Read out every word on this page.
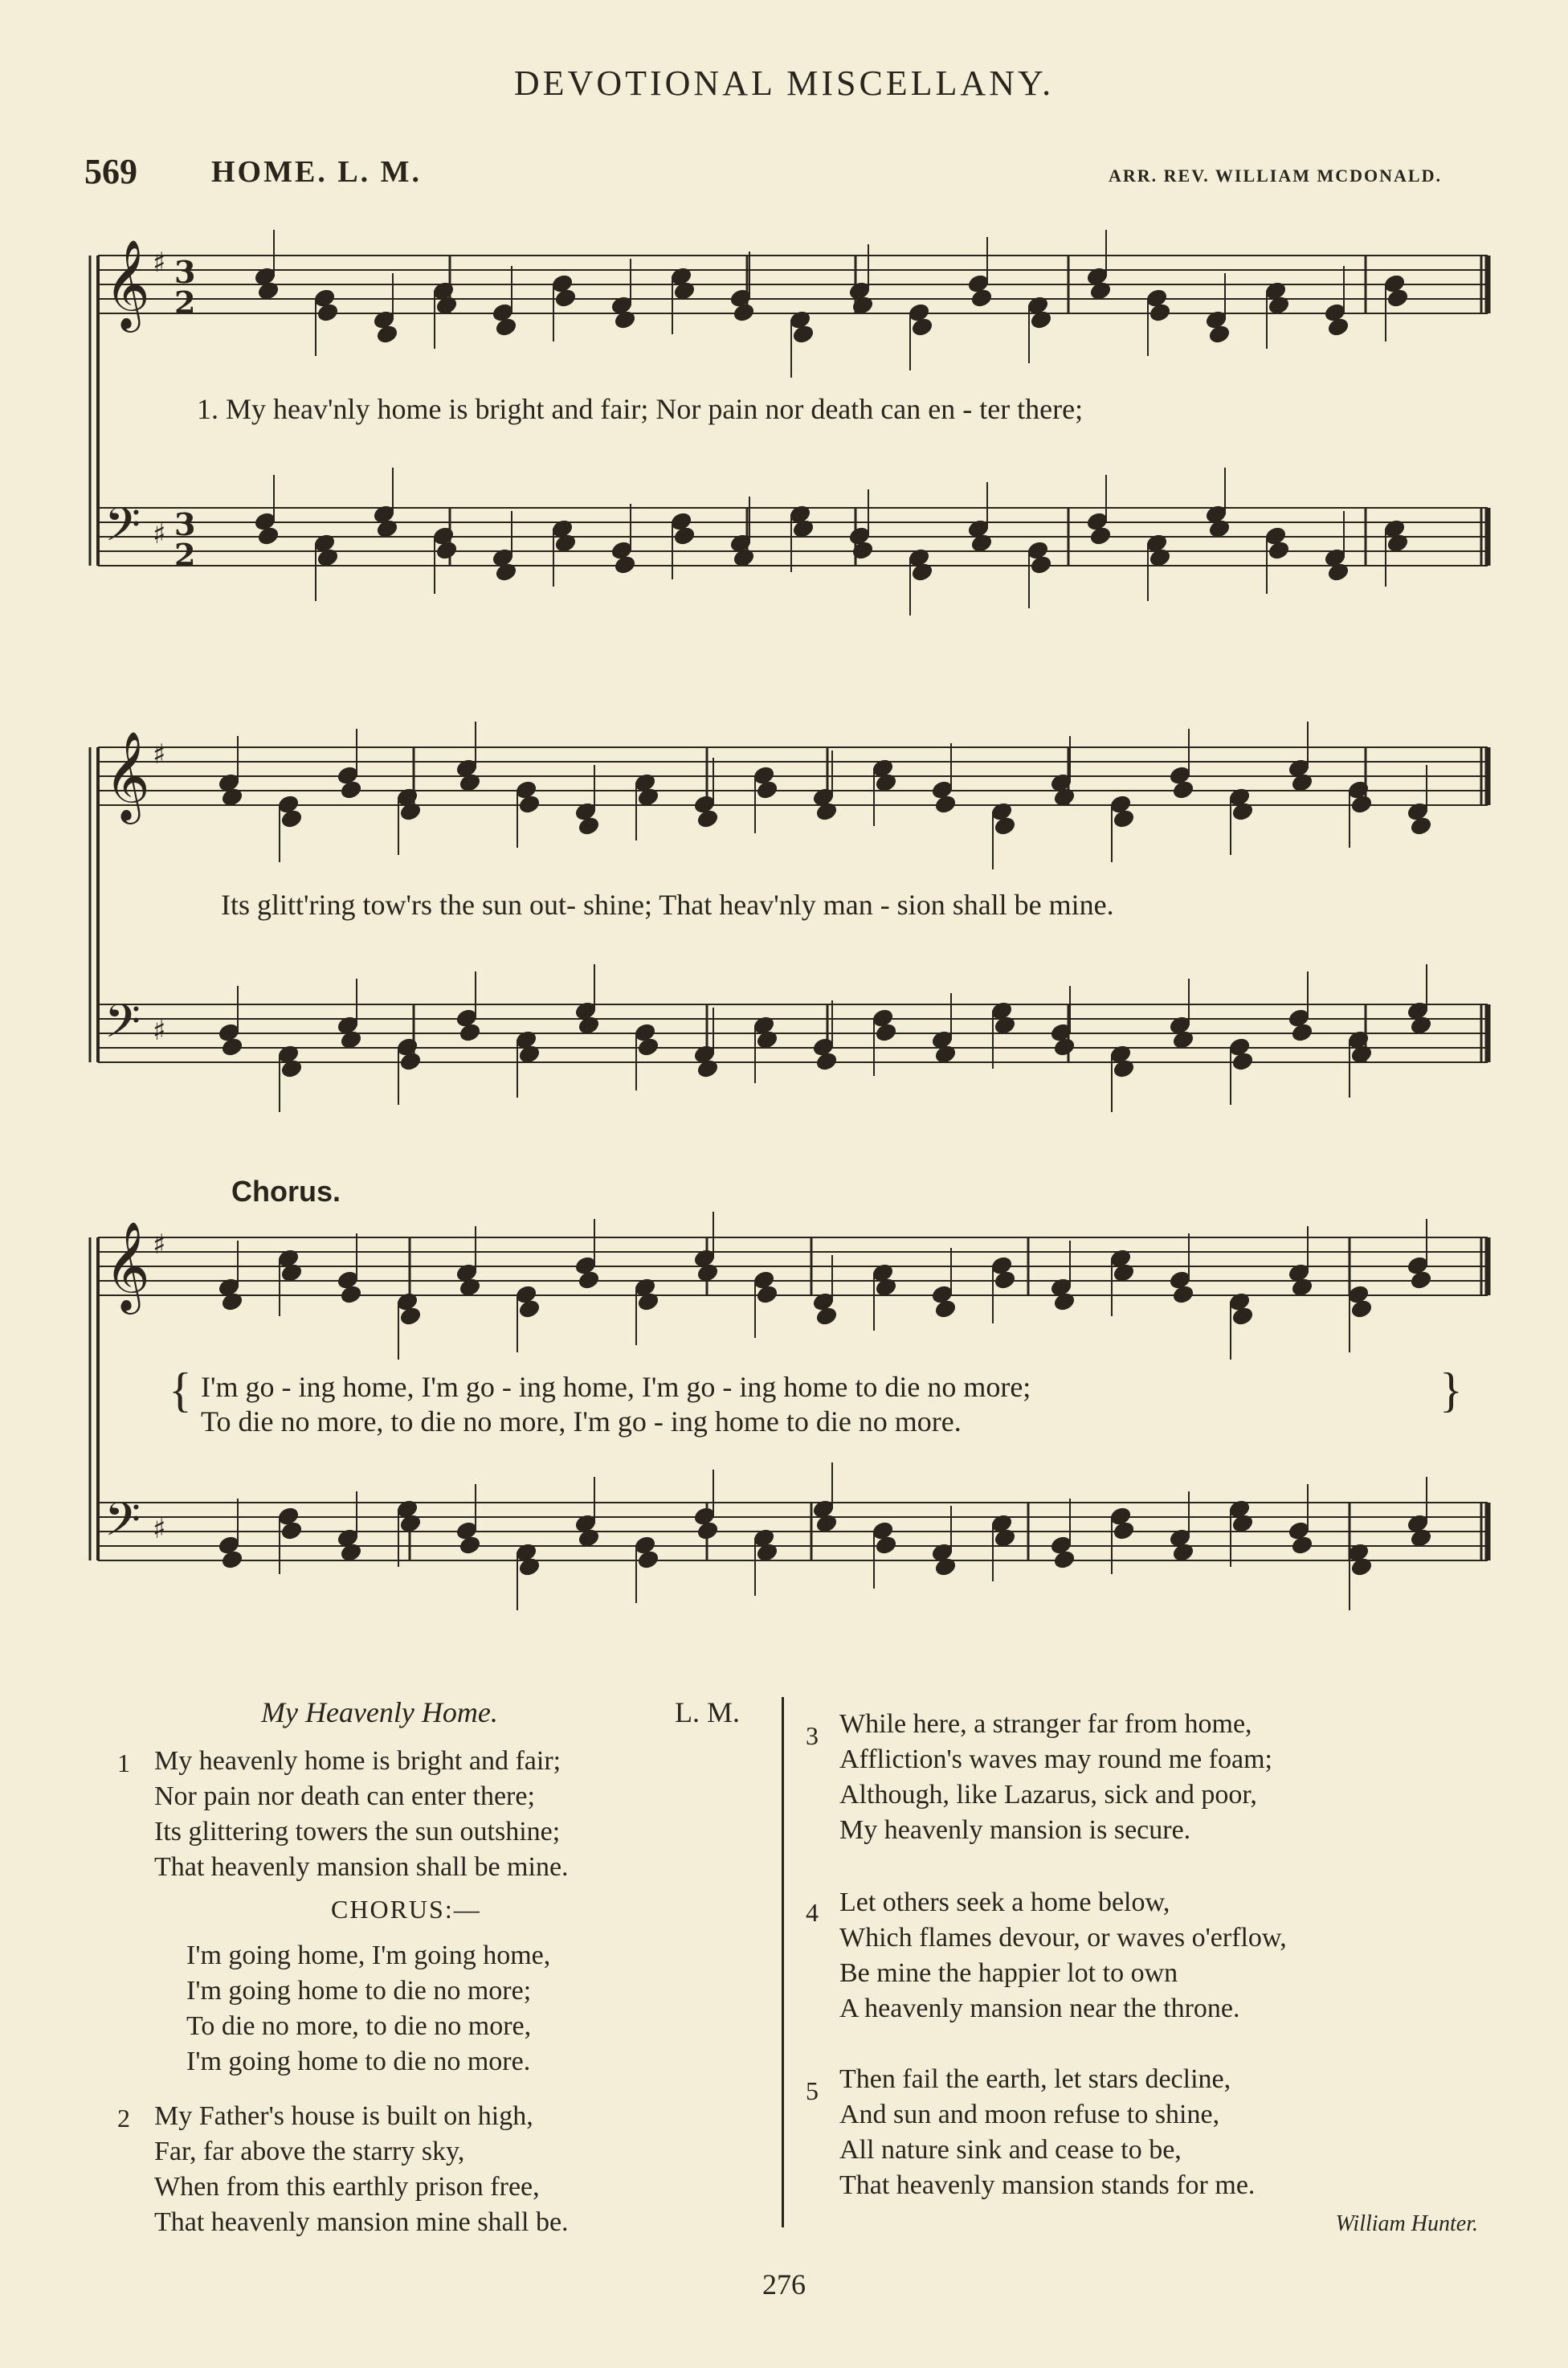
DEVOTIONAL MISCELLANY.
569 HOME. L. M.	ARR. REV. WILLIAM MCDONALD.
𝄞 ♯ 3
2
𝄢 ♯ 3
2
𝄞 ♯
𝄢 ♯
𝄞 ♯
𝄢 ♯
1. My heav'nly home is bright and fair; Nor pain nor death can en - ter there;
Its glitt'ring tow'rs the sun out- shine; That heav'nly man - sion shall be mine.
Chorus.
{ I'm go - ing home, I'm go - ing home, I'm go - ing home to die no more;
To die no more, to die no more, I'm go - ing home to die no more.
}
My Heavenly Home.	L. M.
1 My heavenly home is bright and fair;
Nor pain nor death can enter there;
Its glittering towers the sun outshine;
That heavenly mansion shall be mine.
CHORUS:—
I'm going home, I'm going home,
I'm going home to die no more;
To die no more, to die no more,
I'm going home to die no more.
2 My Father's house is built on high,
Far, far above the starry sky,
When from this earthly prison free,
That heavenly mansion mine shall be.
3 While here, a stranger far from home,
Affliction's waves may round me foam;
Although, like Lazarus, sick and poor,
My heavenly mansion is secure.
4 Let others seek a home below,
Which flames devour, or waves o'erflow,
Be mine the happier lot to own
A heavenly mansion near the throne.
5 Then fail the earth, let stars decline,
And sun and moon refuse to shine,
All nature sink and cease to be,
That heavenly mansion stands for me.
William Hunter.
276
